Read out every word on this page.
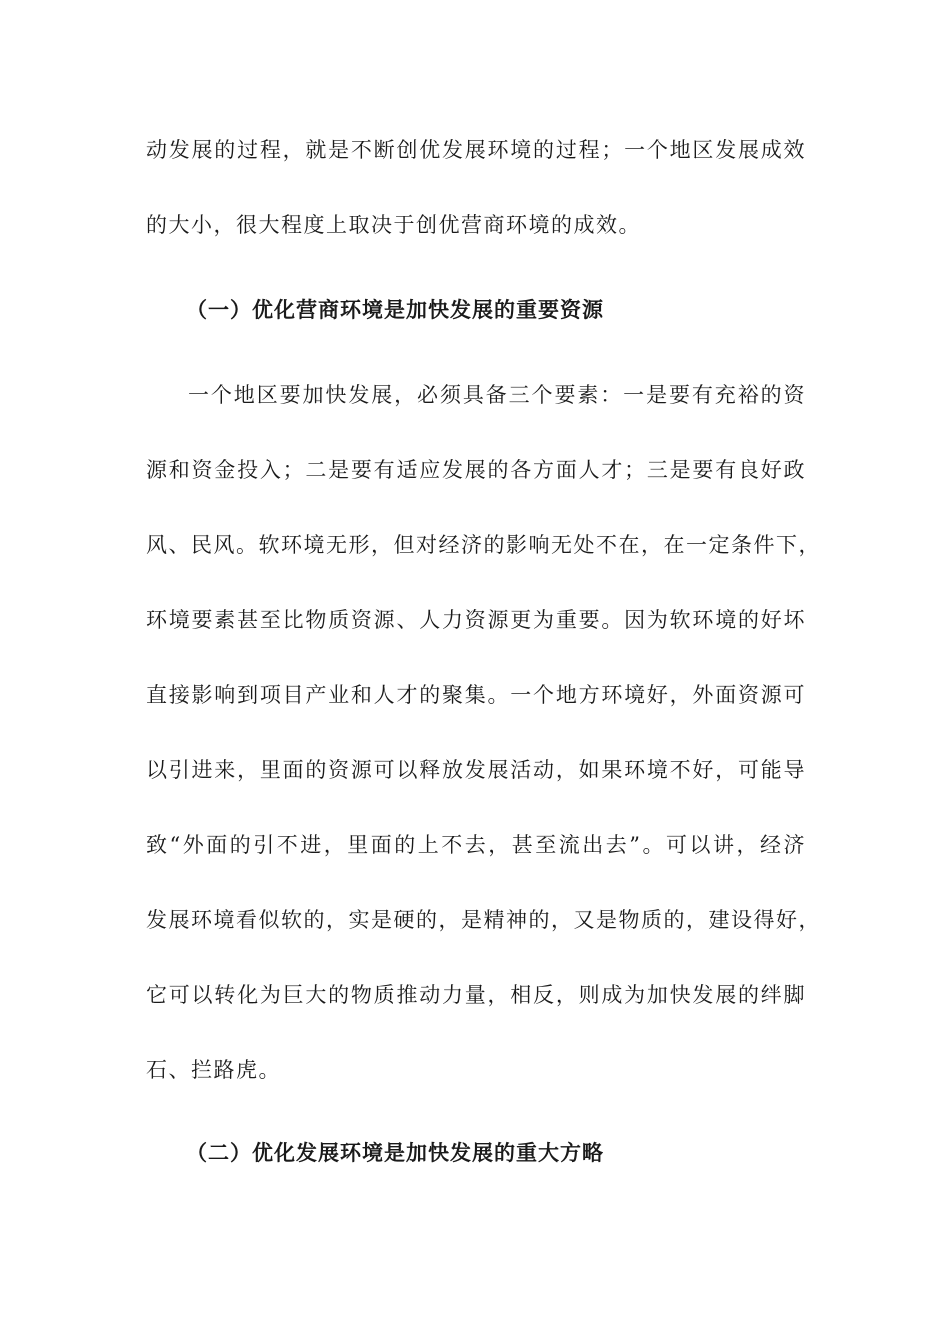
动发展的过程，就是不断创优发展环境的过程；一个地区发展成效
的大小，很大程度上取决于创优营商环境的成效。
（一）优化营商环境是加快发展的重要资源
一个地区要加快发展，必须具备三个要素：一是要有充裕的资
源和资金投入；二是要有适应发展的各方面人才；三是要有良好政
风、民风。软环境无形，但对经济的影响无处不在，在一定条件下，
环境要素甚至比物质资源、人力资源更为重要。因为软环境的好坏
直接影响到项目产业和人才的聚集。一个地方环境好，外面资源可
以引进来，里面的资源可以释放发展活动，如果环境不好，可能导
致“外面的引不进，里面的上不去，甚至流出去”。可以讲，经济
发展环境看似软的，实是硬的，是精神的，又是物质的，建设得好，
它可以转化为巨大的物质推动力量，相反，则成为加快发展的绊脚
石、拦路虎。
（二）优化发展环境是加快发展的重大方略
